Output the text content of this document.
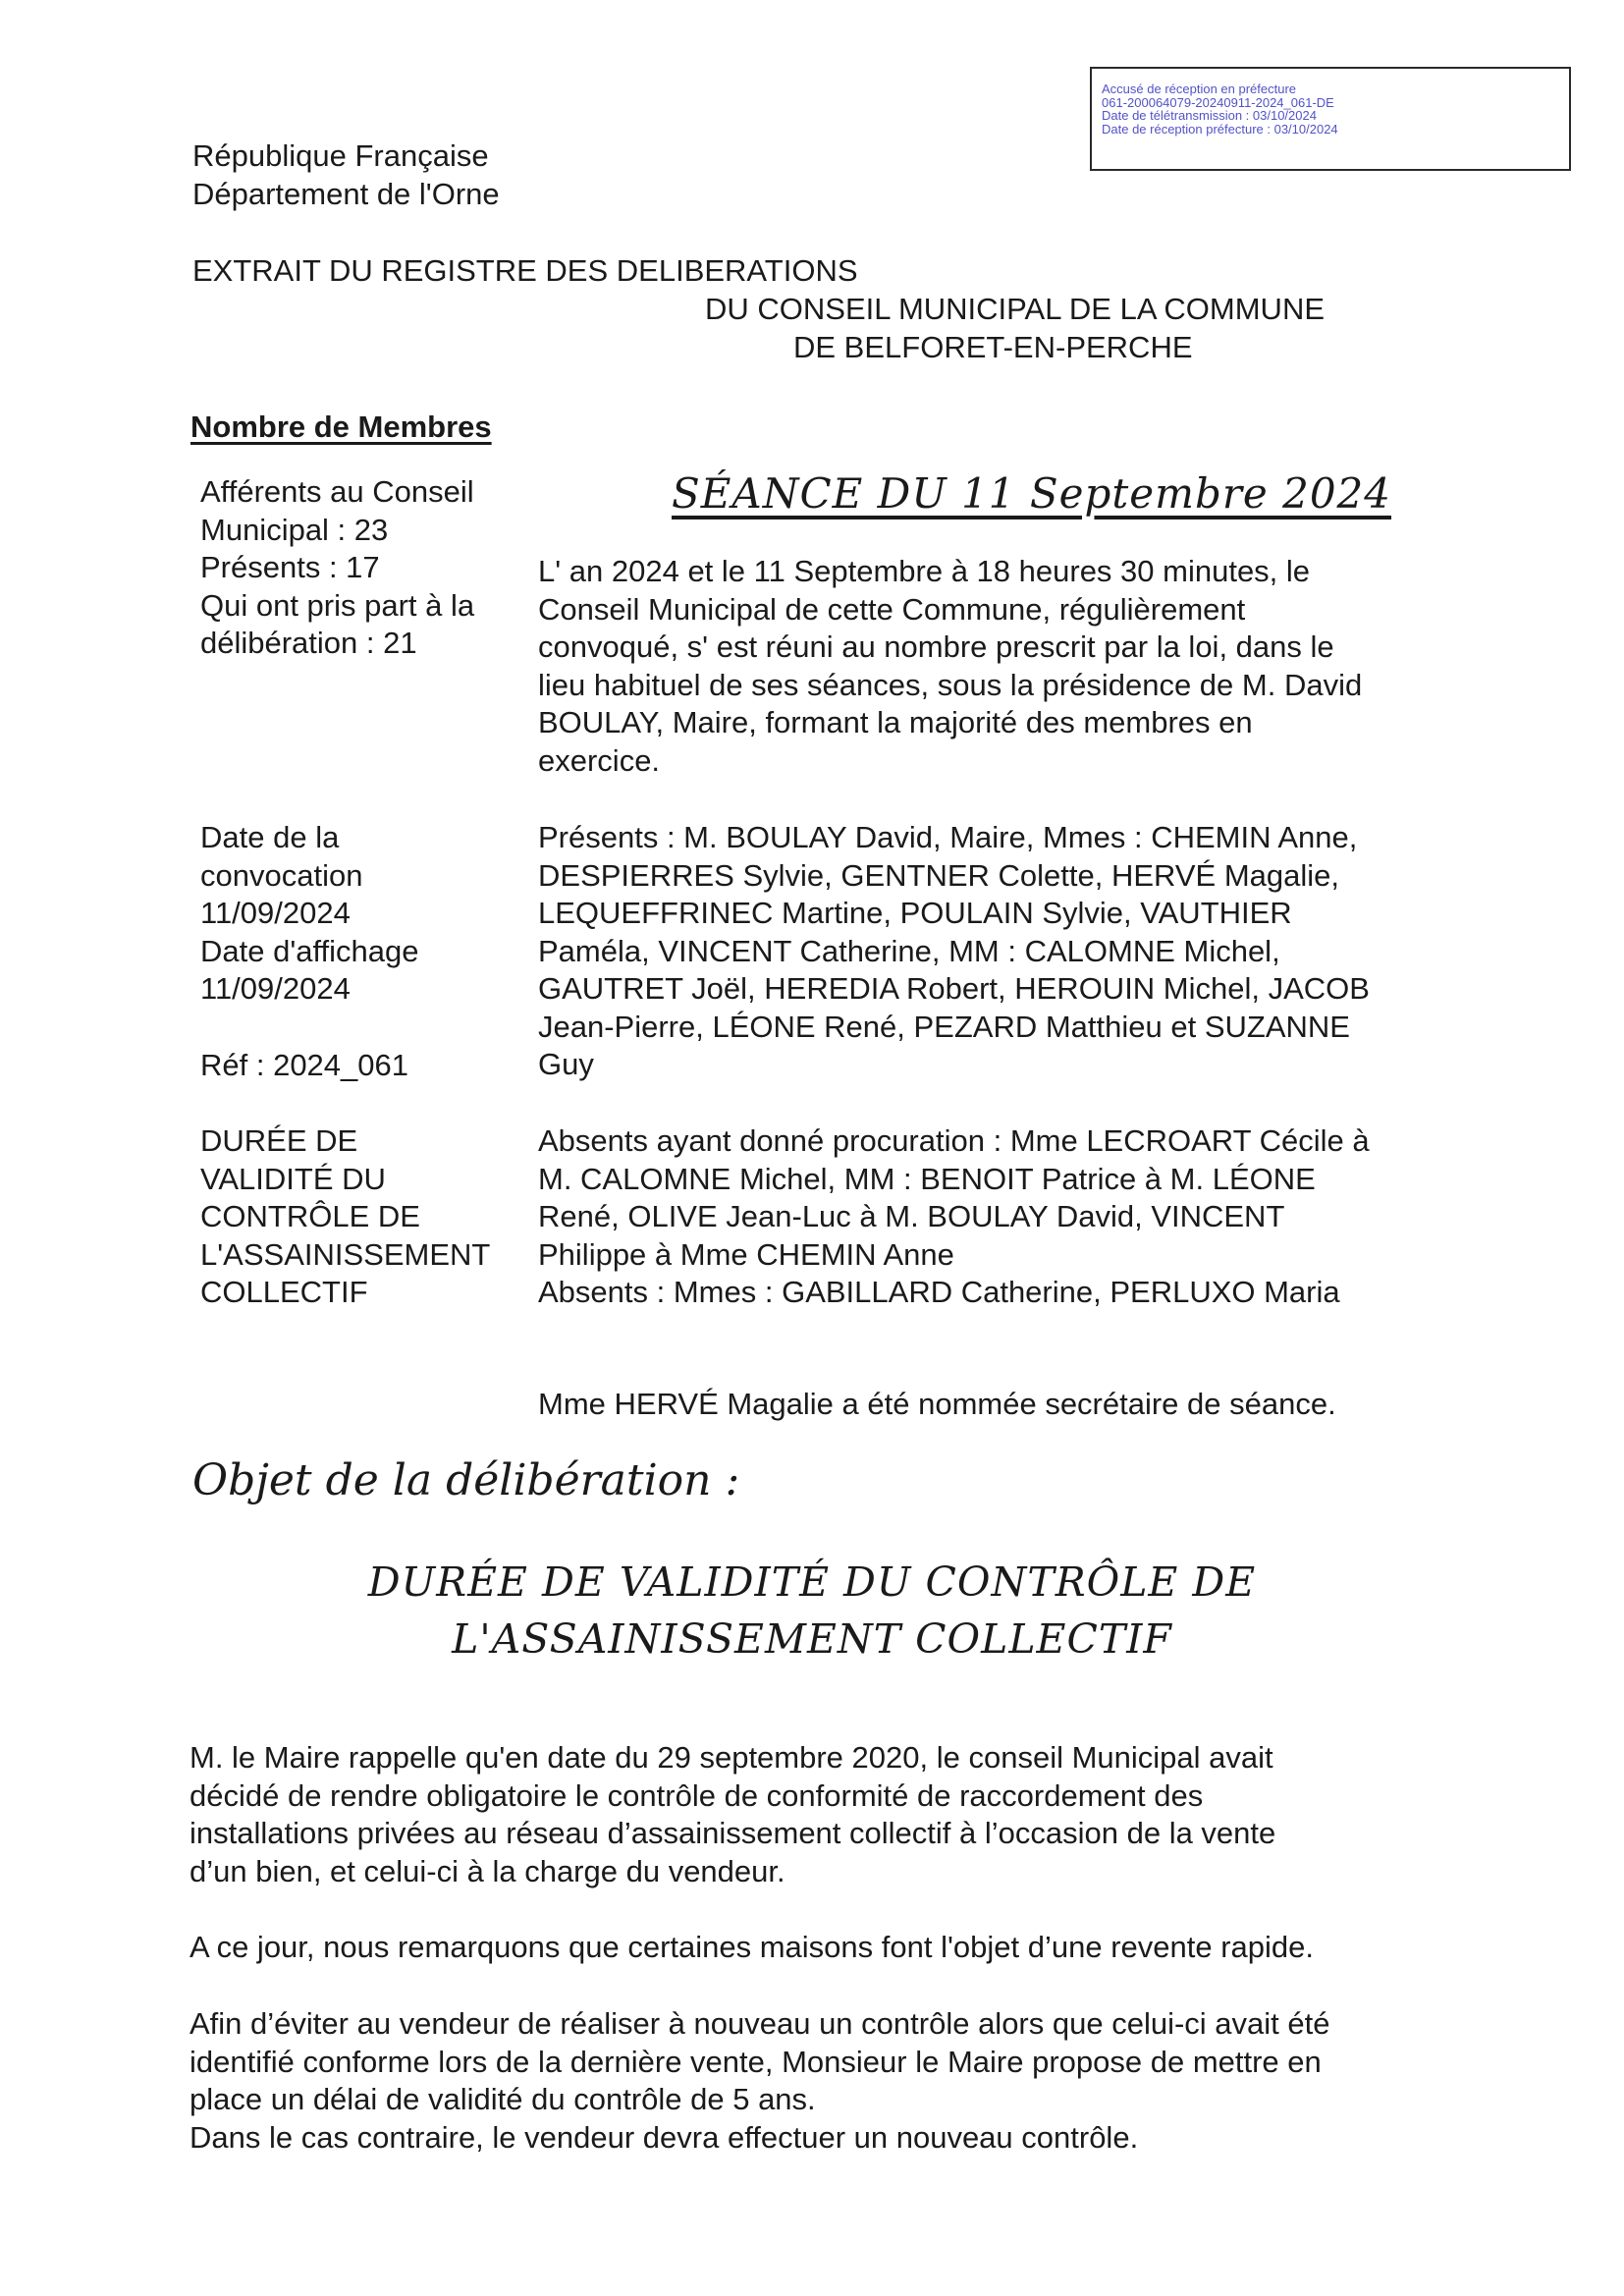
Accusé de réception en préfecture
061-200064079-20240911-2024_061-DE
Date de télétransmission : 03/10/2024
Date de réception préfecture : 03/10/2024
République Française
Département de l'Orne
EXTRAIT DU REGISTRE DES DELIBERATIONS
DU CONSEIL MUNICIPAL DE LA COMMUNE
DE BELFORET-EN-PERCHE
Nombre de Membres
Afférents au Conseil
Municipal : 23
Présents : 17
Qui ont pris part à la
délibération : 21
SÉANCE DU 11 Septembre 2024
L' an 2024 et le 11 Septembre à 18 heures 30 minutes, le
Conseil Municipal de cette Commune, régulièrement
convoqué, s' est réuni au nombre prescrit par la loi, dans le
lieu habituel de ses séances, sous la présidence de M. David
BOULAY, Maire, formant la majorité des membres en
exercice.
Date de la
convocation
11/09/2024
Date d'affichage
11/09/2024
Présents : M. BOULAY David, Maire, Mmes : CHEMIN Anne,
DESPIERRES Sylvie, GENTNER Colette, HERVÉ Magalie,
LEQUEFFRINEC Martine, POULAIN Sylvie, VAUTHIER
Paméla, VINCENT Catherine, MM : CALOMNE Michel,
GAUTRET Joël, HEREDIA Robert, HEROUIN Michel, JACOB
Jean-Pierre, LÉONE René, PEZARD Matthieu et SUZANNE
Guy
Réf : 2024_061
DURÉE DE
VALIDITÉ DU
CONTRÔLE DE
L'ASSAINISSEMENT
COLLECTIF
Absents ayant donné procuration : Mme LECROART Cécile à
M. CALOMNE Michel, MM : BENOIT Patrice à M. LÉONE
René, OLIVE Jean-Luc à M. BOULAY David, VINCENT
Philippe à Mme CHEMIN Anne
Absents : Mmes : GABILLARD Catherine, PERLUXO Maria
Mme HERVÉ Magalie a été nommée secrétaire de séance.
Objet de la délibération :
DURÉE DE VALIDITÉ DU CONTRÔLE DE
L'ASSAINISSEMENT COLLECTIF
M. le Maire rappelle qu'en date du 29 septembre 2020, le conseil Municipal avait
décidé de rendre obligatoire le contrôle de conformité de raccordement des
installations privées au réseau d’assainissement collectif à l’occasion de la vente
d’un bien, et celui-ci à la charge du vendeur.
A ce jour, nous remarquons que certaines maisons font l'objet d’une revente rapide.
Afin d’éviter au vendeur de réaliser à nouveau un contrôle alors que celui-ci avait été
identifié conforme lors de la dernière vente, Monsieur le Maire propose de mettre en
place un délai de validité du contrôle de 5 ans.
Dans le cas contraire, le vendeur devra effectuer un nouveau contrôle.
